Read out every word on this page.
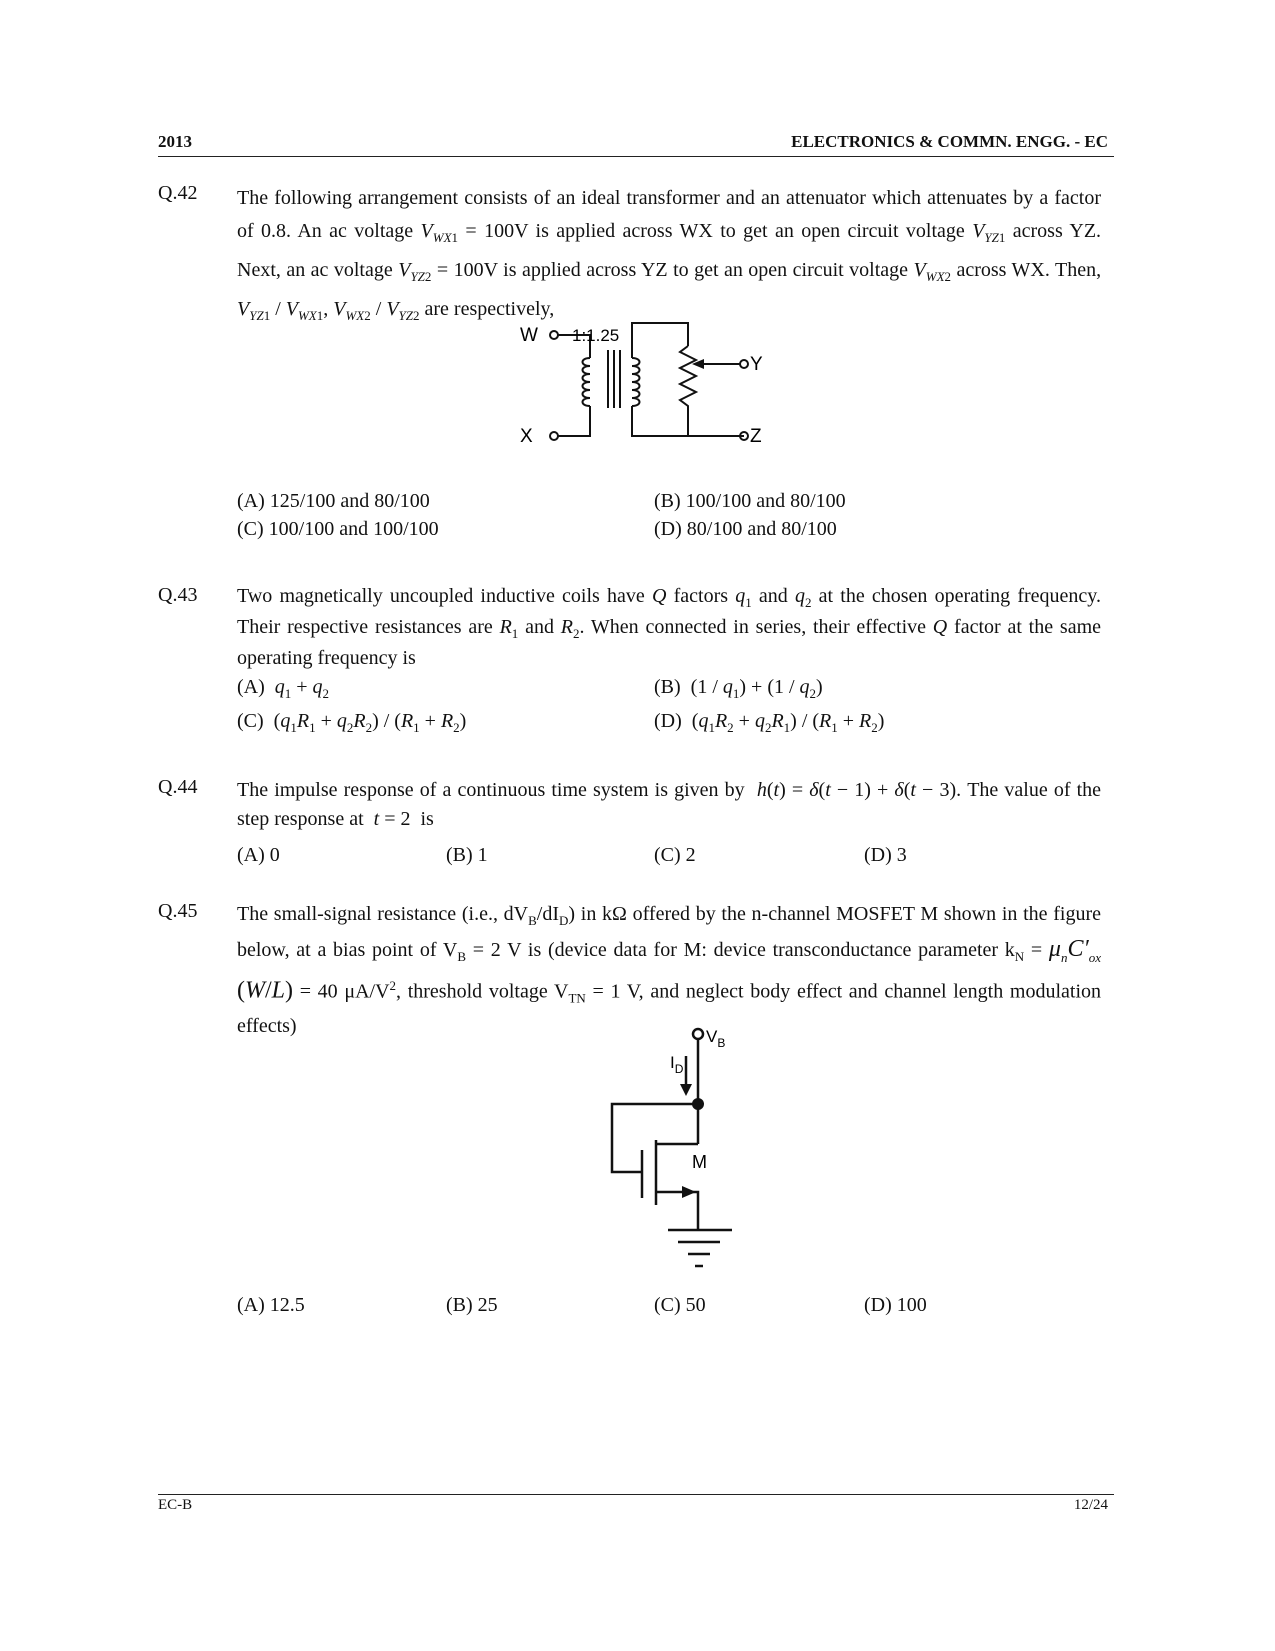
2013	ELECTRONICS & COMMN. ENGG. - EC
Q.42 The following arrangement consists of an ideal transformer and an attenuator which attenuates by a factor of 0.8. An ac voltage $V_{WX1} = 100V$ is applied across WX to get an open circuit voltage $V_{YZ1}$ across YZ. Next, an ac voltage $V_{YZ2} = 100V$ is applied across YZ to get an open circuit voltage $V_{WX2}$ across WX. Then, $V_{YZ1} / V_{WX1}$, $V_{WX2} / V_{YZ2}$ are respectively,
W
X
Y
Z
1:1.25
(A) 125/100 and 80/100	(B) 100/100 and 80/100
(C) 100/100 and 100/100	(D) 80/100 and 80/100
Q.43 Two magnetically uncoupled inductive coils have Q factors $q_1$ and $q_2$ at the chosen operating frequency. Their respective resistances are $R_1$ and $R_2$. When connected in series, their effective Q factor at the same operating frequency is
(A) $q_1 + q_2$	(B)  $(1 / q_1) + (1 / q_2)$
(C)  $(q_1R_1 + q_2R_2) / (R_1 + R_2)$	(D)  $(q_1R_2 + q_2R_1) / (R_1 + R_2)$
Q.44 The impulse response of a continuous time system is given by h(t) = δ(t − 1) + δ(t − 3). The value of the step response at t = 2  is
(A) 0	(B) 1	(C) 2	(D) 3
Q.45 The small-signal resistance (i.e., $dV_B/dI_D$) in kΩ offered by the n-channel MOSFET M shown in the figure below, at a bias point of $V_B = 2$ V is (device data for M: device transconductance parameter $k_N = \mu_nC'_{ox}$ (W/L) = 40 $\mu A/V^2$, threshold voltage $V_{TN} = 1$ V, and neglect body effect and channel length modulation effects)	$V_B$
$I_D$
M
(A) 12.5	(B) 25	(C) 50	(D) 100
EC-B	12/24
